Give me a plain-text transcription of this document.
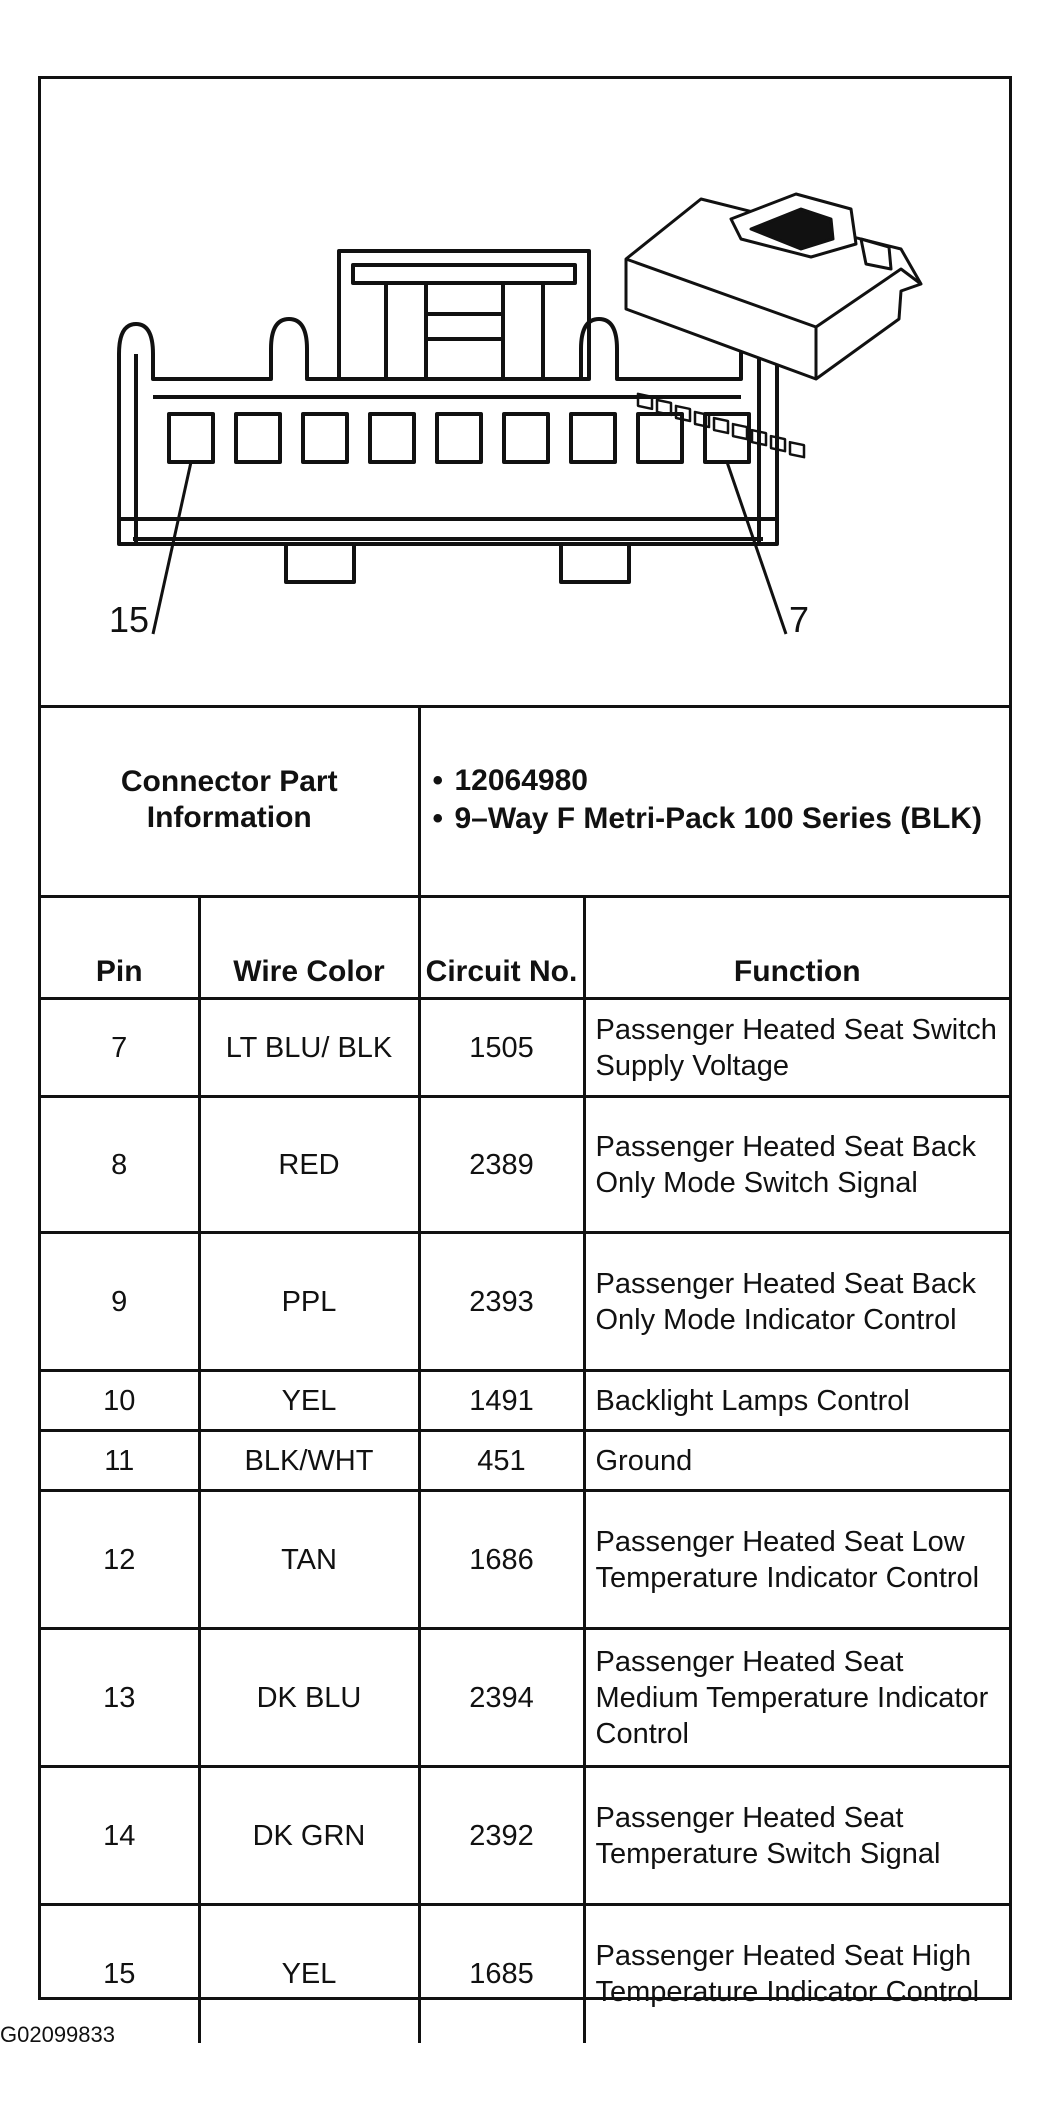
15	7
Connector Part Information	
• 12064980
• 9–Way F Metri-Pack 100 Series (BLK)
Pin	Wire Color	Circuit No.	Function
7	LT BLU/ BLK	1505	Passenger Heated Seat Switch Supply Voltage
8	RED	2389	Passenger Heated Seat Back Only Mode Switch Signal
9	PPL	2393	Passenger Heated Seat Back Only Mode Indicator Control
10	YEL	1491	Backlight Lamps Control
11	BLK/WHT	451	Ground
12	TAN	1686	Passenger Heated Seat Low Temperature Indicator Control
13	DK BLU	2394	Passenger Heated Seat Medium Temperature Indicator Control
14	DK GRN	2392	Passenger Heated Seat Temperature Switch Signal
15	YEL	1685	Passenger Heated Seat High Temperature Indicator Control
G02099833
